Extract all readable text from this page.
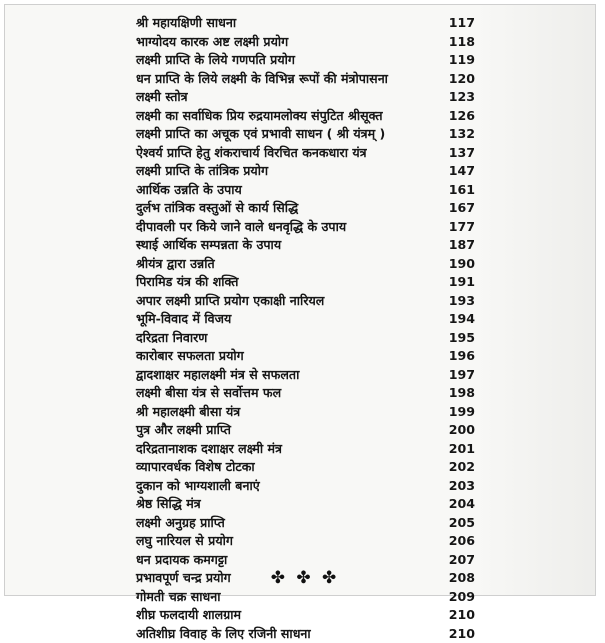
श्री महायक्षिणी साधना	117
भाग्योदय कारक अष्ट लक्ष्मी प्रयोग	118
लक्ष्मी प्राप्ति के लिये गणपति प्रयोग	119
धन प्राप्ति के लिये लक्ष्मी के विभिन्न रूपों की मंत्रोपासना	120
लक्ष्मी स्तोत्र	123
लक्ष्मी का सर्वाधिक प्रिय रुद्रयामलोक्य संपुटित श्रीसूक्त	126
लक्ष्मी प्राप्ति का अचूक एवं प्रभावी साधन ( श्री यंत्रम् )	132
ऐश्वर्य प्राप्ति हेतु शंकराचार्य विरचित कनकधारा यंत्र	137
लक्ष्मी प्राप्ति के तांत्रिक प्रयोग	147
आर्थिक उन्नति के उपाय	161
दुर्लभ तांत्रिक वस्तुओं से कार्य सिद्धि	167
दीपावली पर किये जाने वाले धनवृद्धि के उपाय	177
स्थाई आर्थिक सम्पन्नता के उपाय	187
श्रीयंत्र द्वारा उन्नति	190
पिरामिड यंत्र की शक्ति	191
अपार लक्ष्मी प्राप्ति प्रयोग एकाक्षी नारियल	193
भूमि-विवाद में विजय	194
दरिद्रता निवारण	195
कारोबार सफलता प्रयोग	196
द्वादशाक्षर महालक्ष्मी मंत्र से सफलता	197
लक्ष्मी बीसा यंत्र से सर्वोत्तम फल	198
श्री महालक्ष्मी बीसा यंत्र	199
पुत्र और लक्ष्मी प्राप्ति	200
दरिद्रतानाशक दशाक्षर लक्ष्मी मंत्र	201
व्यापारवर्धक विशेष टोटका	202
दुकान को भाग्यशाली बनाएं	203
श्रेष्ठ सिद्धि मंत्र	204
लक्ष्मी अनुग्रह प्राप्ति	205
लघु नारियल से प्रयोग	206
धन प्रदायक कमगट्टा	207
प्रभावपूर्ण चन्द्र प्रयोग	208
गोमती चक्र साधना	209
शीघ्र फलदायी शालग्राम	210
अतिशीघ्र विवाह के लिए रजिनी साधना	210
✤ ✤ ✤
